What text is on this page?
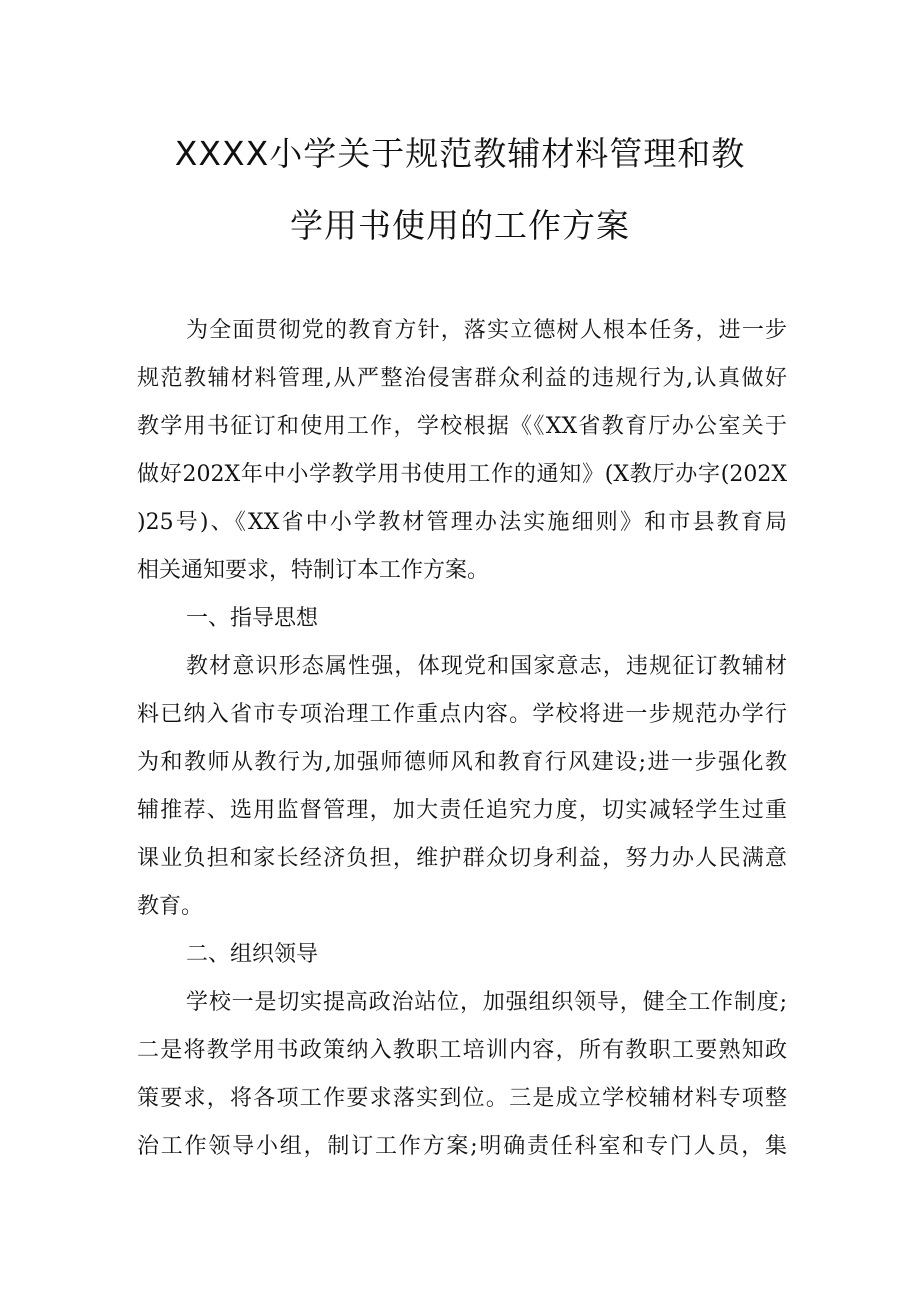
XXXX小学关于规范教辅材料管理和教
学用书使用的工作方案
为全面贯彻党的教育方针，落实立德树人根本任务，进一步
规范教辅材料管理,从严整治侵害群众利益的违规行为,认真做好
教学用书征订和使用工作，学校根据《《XX省教育厅办公室关于
做好202X年中小学教学用书使用工作的通知》(X教厅办字(202X
)25号)、《XX省中小学教材管理办法实施细则》和市县教育局
相关通知要求，特制订本工作方案。
一、指导思想
教材意识形态属性强，体现党和国家意志，违规征订教辅材
料已纳入省市专项治理工作重点内容。学校将进一步规范办学行
为和教师从教行为,加强师德师风和教育行风建设;进一步强化教
辅推荐、选用监督管理，加大责任追究力度，切实减轻学生过重
课业负担和家长经济负担，维护群众切身利益，努力办人民满意
教育。
二、组织领导
学校一是切实提高政治站位，加强组织领导，健全工作制度;
二是将教学用书政策纳入教职工培训内容，所有教职工要熟知政
策要求，将各项工作要求落实到位。三是成立学校辅材料专项整
治工作领导小组，制订工作方案;明确责任科室和专门人员，集
